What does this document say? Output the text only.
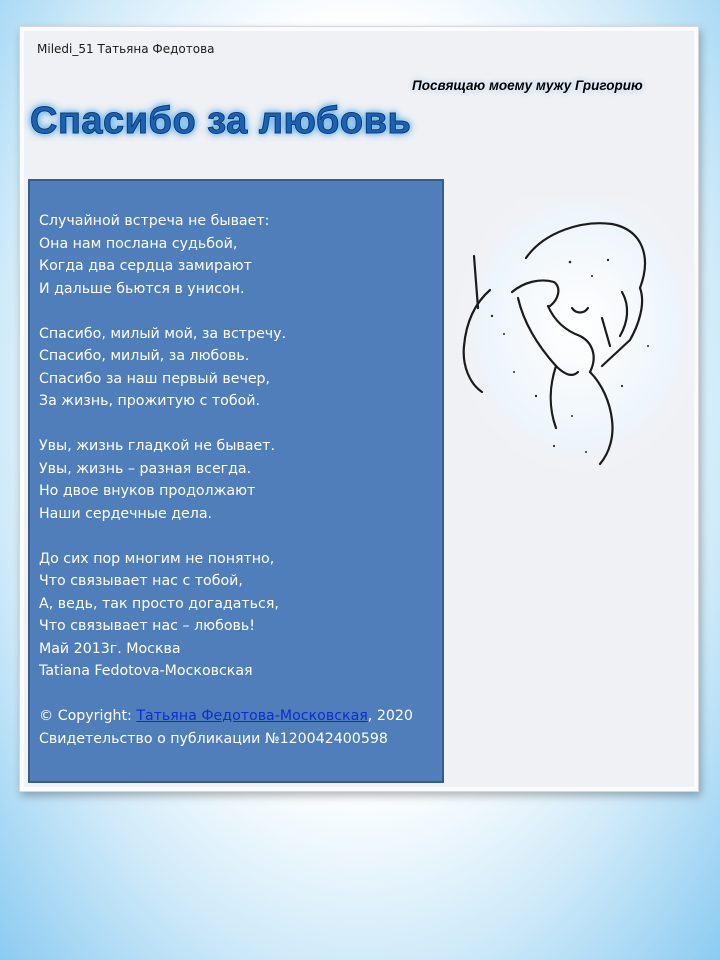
Miledi_51 Татьяна Федотова
Посвящаю моему мужу Григорию
Спасибо за любовь
Случайной встреча не бывает:
Она нам послана судьбой,
Когда два сердца замирают
И дальше бьются в унисон.
Спасибо, милый мой, за встречу.
Спасибо, милый, за любовь.
Спасибо за наш первый вечер,
За жизнь, прожитую с тобой.
Увы, жизнь гладкой не бывает.
Увы, жизнь – разная всегда.
Но двое внуков продолжают
Наши сердечные дела.
До сих пор многим не понятно,
Что связывает нас с тобой,
А, ведь, так просто догадаться,
Что связывает нас – любовь!
Май 2013г. Москва
Tatiana Fedotova-Московская
© Copyright: Татьяна Федотова-Московская, 2020
Свидетельство о публикации №120042400598
